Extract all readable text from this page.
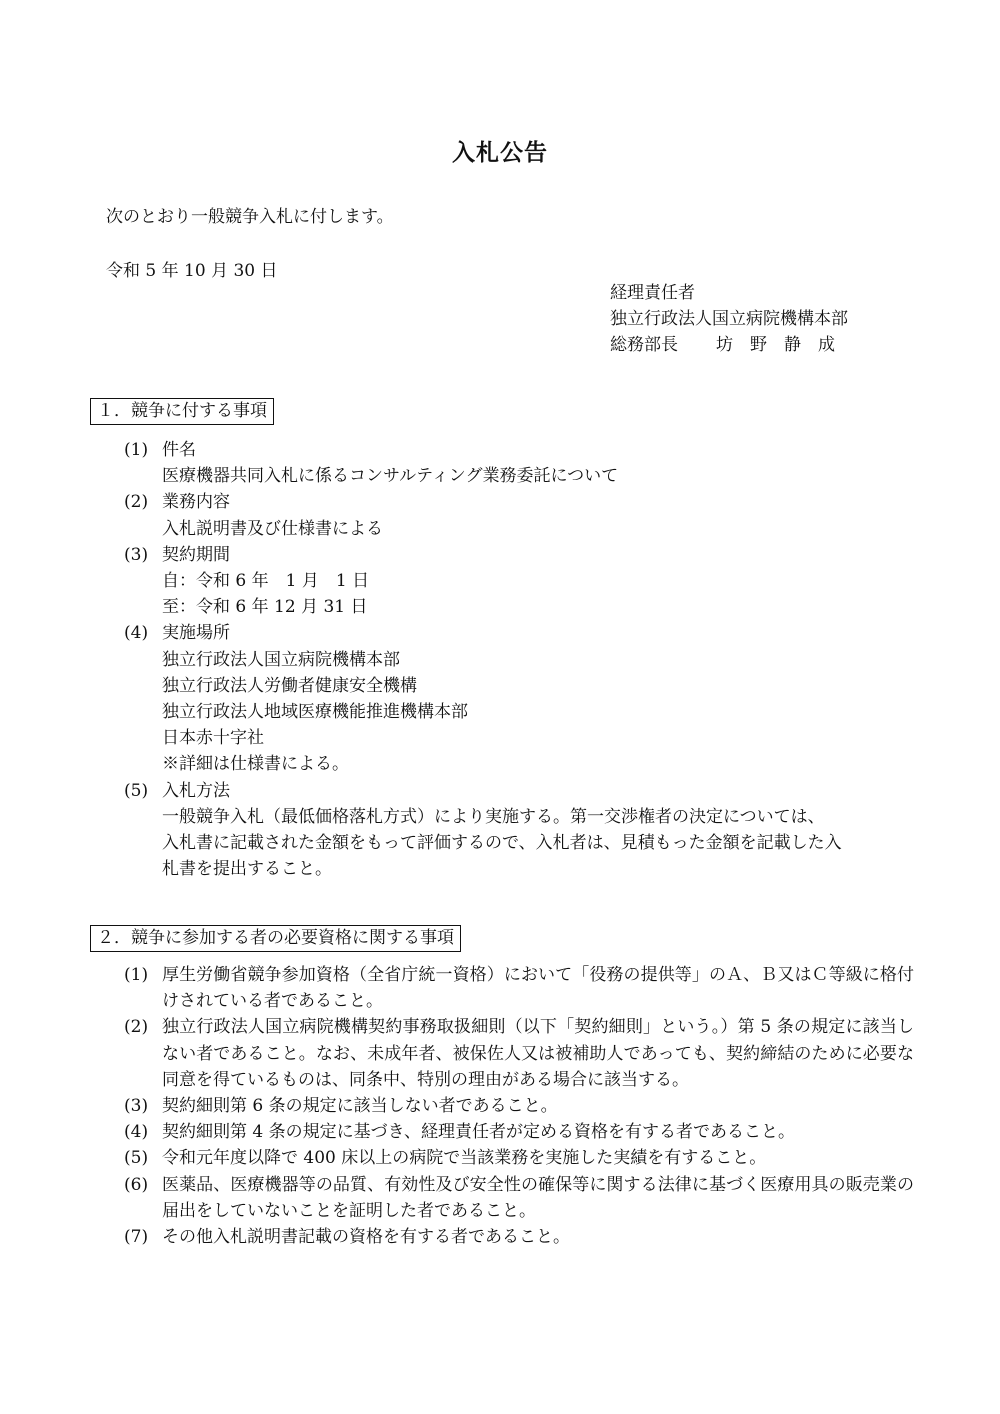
入札公告

次のとおり一般競争入札に付します。

令和 5 年 10 月 30 日

経理責任者
独立行政法人国立病院機構本部
総務部長 坊　野　静　成
１．競争に付する事項
(1) 件名
医療機器共同入札に係るコンサルティング業務委託について
(2) 業務内容
入札説明書及び仕様書による
(3) 契約期間
自：令和 6 年　1 月　1 日
至：令和 6 年 12 月 31 日
(4) 実施場所
独立行政法人国立病院機構本部
独立行政法人労働者健康安全機構
独立行政法人地域医療機能推進機構本部
日本赤十字社
※詳細は仕様書による。
(5) 入札方法
一般競争入札（最低価格落札方式）により実施する。第一交渉権者の決定については、
入札書に記載された金額をもって評価するので、入札者は、見積もった金額を記載した入
札書を提出すること。
２．競争に参加する者の必要資格に関する事項
(1) 厚生労働省競争参加資格（全省庁統一資格）において「役務の提供等」のＡ、Ｂ又はＣ等級に格付けされている者であること。
(2) 独立行政法人国立病院機構契約事務取扱細則（以下「契約細則」という。）第 5 条の規定に該当しない者であること。なお、未成年者、被保佐人又は被補助人であっても、契約締結のために必要な同意を得ているものは、同条中、特別の理由がある場合に該当する。
(3) 契約細則第 6 条の規定に該当しない者であること。
(4) 契約細則第 4 条の規定に基づき、経理責任者が定める資格を有する者であること。
(5) 令和元年度以降で 400 床以上の病院で当該業務を実施した実績を有すること。
(6) 医薬品、医療機器等の品質、有効性及び安全性の確保等に関する法律に基づく医療用具の販売業の届出をしていないことを証明した者であること。
(7) その他入札説明書記載の資格を有する者であること。
